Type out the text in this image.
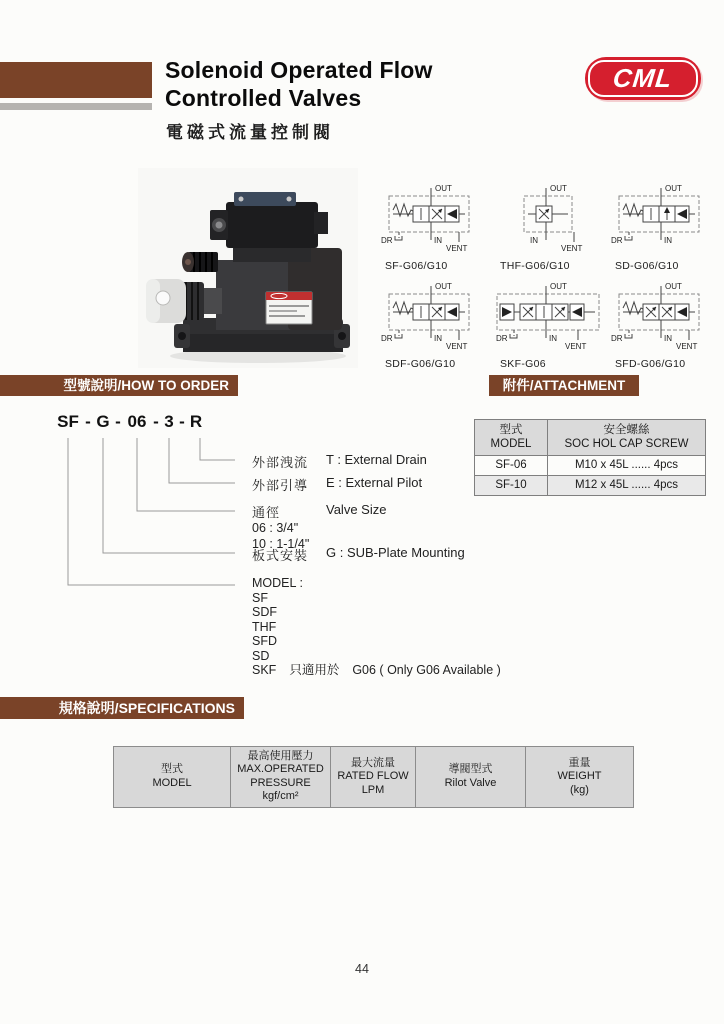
Solenoid Operated Flow
Controlled Valves
電磁式流量控制閥
CML
OUT
IN
DR
VENT
SF-G06/G10
OUT
IN
VENT
THF-G06/G10
OUT
IN
DR
SD-G06/G10
OUT
IN
DR
VENT
SDF-G06/G10
OUT
IN
DR
VENT
SKF-G06
OUT
IN
DR
VENT
SFD-G06/G10
型號說明/HOW TO ORDER	附件/ATTACHMENT
SF - G - 06 - 3 - R
外部洩流 T : External Drain
外部引導 E : External Pilot
通徑	Valve Size
06 : 3/4"
10 : 1-1/4"
板式安裝 G : SUB-Plate Mounting
MODEL :
SF
SDF
THF
SFD
SD
SKF 只適用於 G06 ( Only G06 Available )
型式
MODEL

安全螺絲
SOC HOL CAP SCREW

SF-06	M10 x 45L ...... 4pcs
SF-10	M12 x 45L ...... 4pcs
規格說明/SPECIFICATIONS
型式
MODEL

最高使用壓力
MAX.OPERATED
PRESSURE kgf/cm²

最大流量
RATED FLOW
LPM

導閥型式
Rilot Valve

重量
WEIGHT
(kg)
44
